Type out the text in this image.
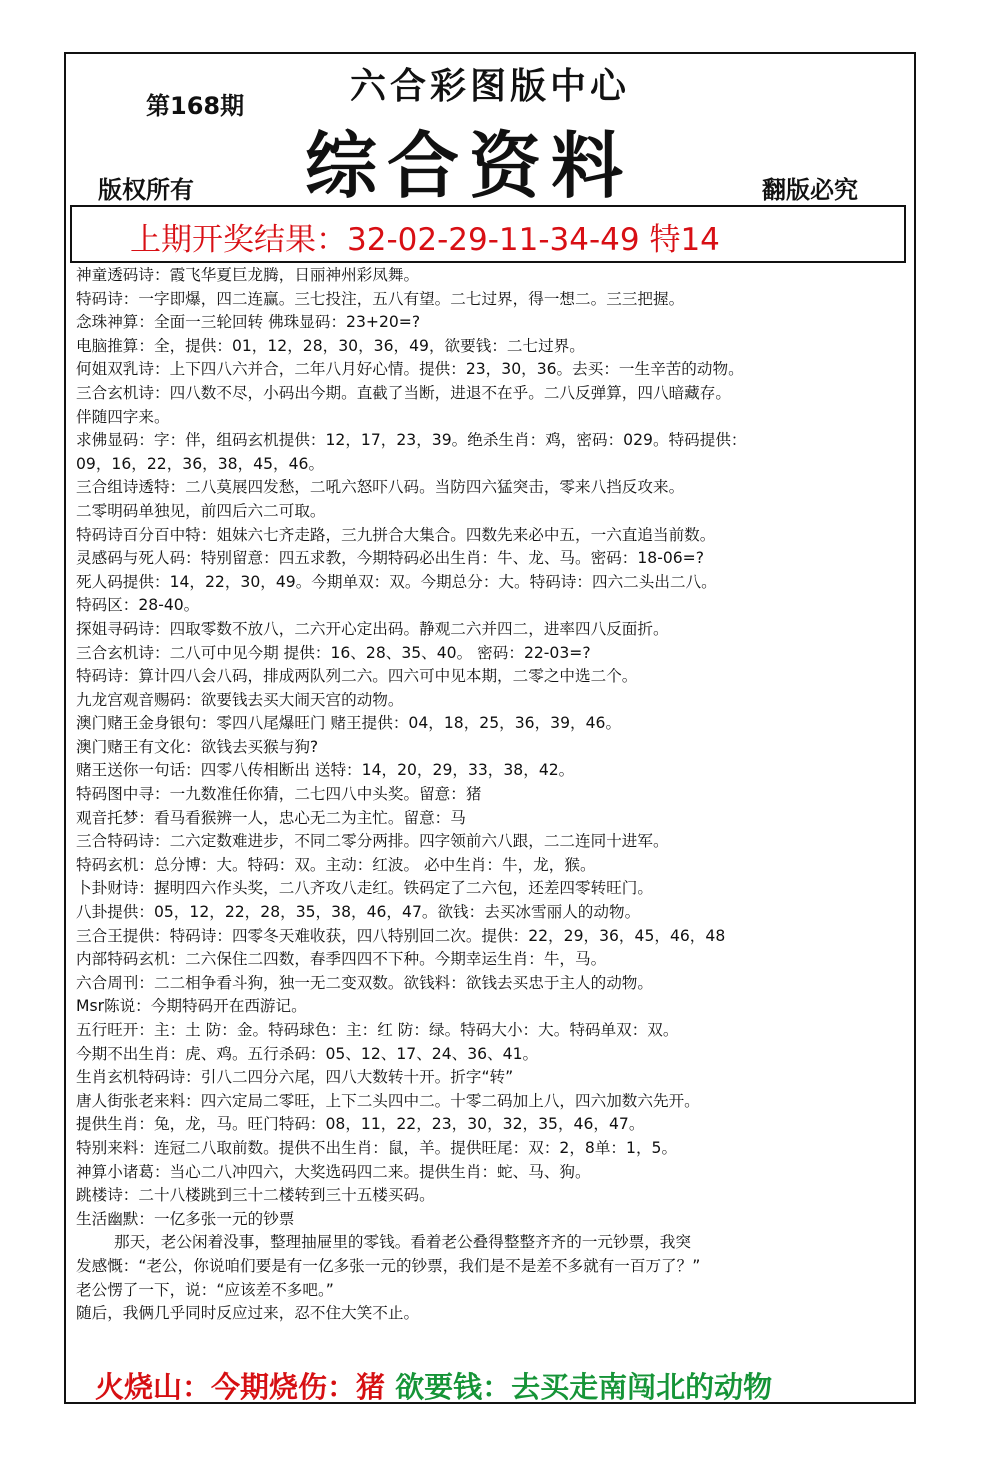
第168期	六合彩图版中心
综合资料
版权所有	翻版必究
上期开奖结果：32-02-29-11-34-49 特14
神童透码诗：霞飞华夏巨龙腾，日丽神州彩凤舞。
特码诗：一字即爆，四二连赢。三七投注，五八有望。二七过界，得一想二。三三把握。
念珠神算：全面一三轮回转 佛珠显码：23+20=?
电脑推算：全，提供：01，12，28，30，36，49，欲要钱：二七过界。
何姐双乳诗：上下四八六并合，二年八月好心情。提供：23，30，36。去买：一生辛苦的动物。
三合玄机诗：四八数不尽，小码出今期。直截了当断，进退不在乎。二八反弹算，四八暗藏存。
伴随四字来。
求佛显码：字：伴，组码玄机提供：12，17，23，39。绝杀生肖：鸡，密码：029。特码提供：
09，16，22，36，38，45，46。
三合组诗透特：二八莫展四发愁，二吼六怒吓八码。当防四六猛突击，零来八挡反攻来。
二零明码单独见，前四后六二可取。
特码诗百分百中特：姐妹六七齐走路，三九拼合大集合。四数先来必中五，一六直追当前数。
灵感码与死人码：特别留意：四五求教，今期特码必出生肖：牛、龙、马。密码：18-06=?
死人码提供：14，22，30，49。今期单双：双。今期总分：大。特码诗：四六二头出二八。
特码区：28-40。
探姐寻码诗：四取零数不放八，二六开心定出码。静观二六并四二，进率四八反面折。
三合玄机诗：二八可中见今期 提供：16、28、35、40。 密码：22-03=?
特码诗：算计四八会八码，排成两队列二六。四六可中见本期，二零之中选二个。
九龙宫观音赐码：欲要钱去买大闹天宫的动物。
澳门赌王金身银句：零四八尾爆旺门 赌王提供：04，18，25，36，39，46。
澳门赌王有文化：欲钱去买猴与狗?
赌王送你一句话：四零八传相断出 送特：14，20，29，33，38，42。
特码图中寻：一九数准任你猜，二七四八中头奖。留意：猪
观音托梦：看马看猴辨一人，忠心无二为主忙。留意：马
三合特码诗：二六定数难进步，不同二零分两排。四字领前六八跟，二二连同十进军。
特码玄机：总分博：大。特码：双。主动：红波。 必中生肖：牛，龙，猴。
卜卦财诗：握明四六作头奖，二八齐攻八走红。铁码定了二六包，还差四零转旺门。
八卦提供：05，12，22，28，35，38，46，47。欲钱：去买冰雪丽人的动物。
三合王提供：特码诗：四零冬天难收获，四八特别回二次。提供：22，29，36，45，46，48
内部特码玄机：二六保住二四数，春季四四不下种。今期幸运生肖：牛，马。
六合周刊：二二相争看斗狗，独一无二变双数。欲钱料：欲钱去买忠于主人的动物。
Msr陈说：今期特码开在西游记。
五行旺开：主：土 防：金。特码球色：主：红 防：绿。特码大小：大。特码单双：双。
今期不出生肖：虎、鸡。五行杀码：05、12、17、24、36、41。
生肖玄机特码诗：引八二四分六尾，四八大数转十开。折字“转”
唐人街张老来料：四六定局二零旺，上下二头四中二。十零二码加上八，四六加数六先开。
提供生肖：兔，龙，马。旺门特码：08，11，22，23，30，32，35，46，47。
特别来料：连冠二八取前数。提供不出生肖：鼠，羊。提供旺尾：双：2，8单：1，5。
神算小诸葛：当心二八冲四六，大奖选码四二来。提供生肖：蛇、马、狗。
跳楼诗：二十八楼跳到三十二楼转到三十五楼买码。
生活幽默：一亿多张一元的钞票
那天，老公闲着没事，整理抽屉里的零钱。看着老公叠得整整齐齐的一元钞票，我突
发感慨：“老公，你说咱们要是有一亿多张一元的钞票，我们是不是差不多就有一百万了？”
老公愣了一下，说：“应该差不多吧。”
随后，我俩几乎同时反应过来，忍不住大笑不止。
火烧山：今期烧伤：猪 欲要钱：去买走南闯北的动物
